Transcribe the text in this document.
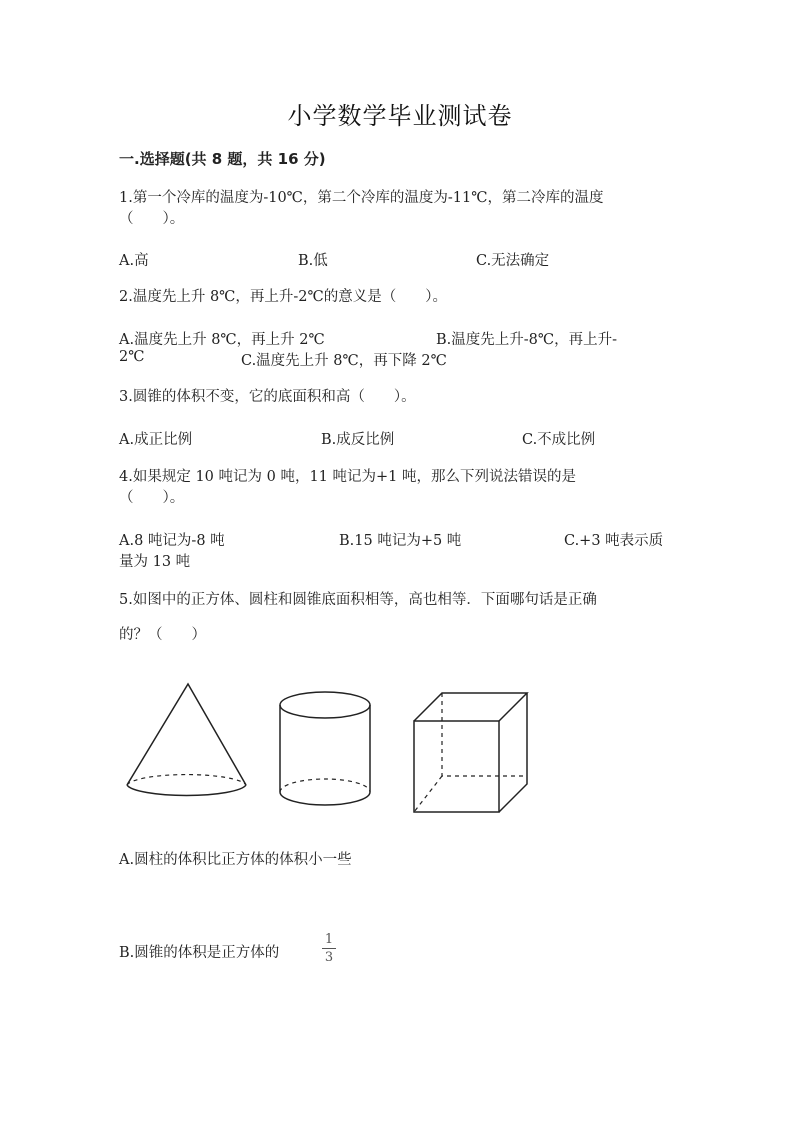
小学数学毕业测试卷
一.选择题(共 8 题，共 16 分)
1.第一个冷库的温度为-10℃，第二个冷库的温度为-11℃，第二冷库的温度
（　　）。
A.高	B.低	C.无法确定
2.温度先上升 8℃，再上升-2℃的意义是（　　）。
A.温度先上升 8℃，再上升 2℃	B.温度先上升-8℃，再上升-
2℃	C.温度先上升 8℃，再下降 2℃
3.圆锥的体积不变，它的底面积和高（　　）。
A.成正比例	B.成反比例	C.不成比例
4.如果规定 10 吨记为 0 吨，11 吨记为+1 吨，那么下列说法错误的是
（　　）。
A.8 吨记为-8 吨	B.15 吨记为+5 吨	C.+3 吨表示质
量为 13 吨
5.如图中的正方体、圆柱和圆锥底面积相等，高也相等．下面哪句话是正确
的？（　　）
A.圆柱的体积比正方体的体积小一些
B.圆锥的体积是正方体的
1
3
